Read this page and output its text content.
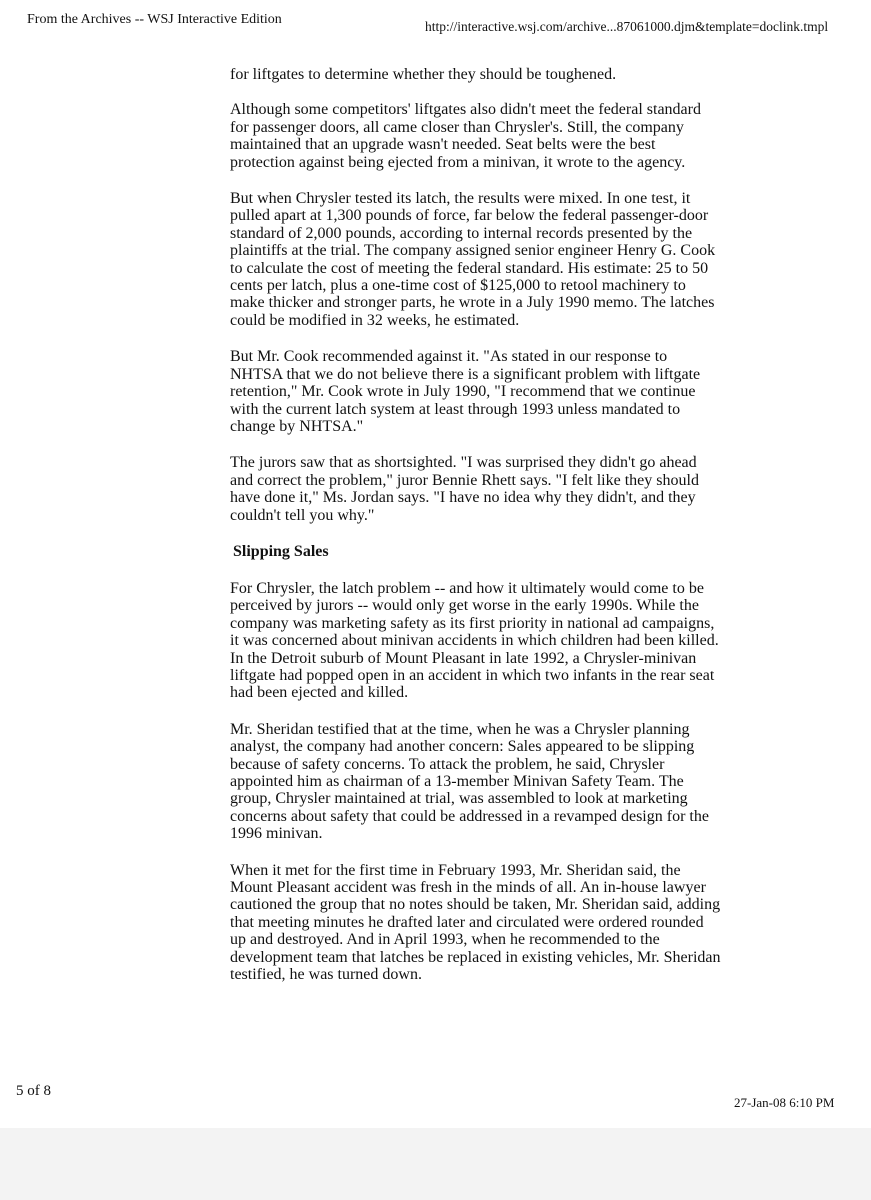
From the Archives -- WSJ Interactive Edition	http://interactive.wsj.com/archive...87061000.djm&template=doclink.tmpl

for liftgates to determine whether they should be toughened.

Although some competitors' liftgates also didn't meet the federal standard for passenger doors, all came closer than Chrysler's. Still, the company maintained that an upgrade wasn't needed. Seat belts were the best protection against being ejected from a minivan, it wrote to the agency.

But when Chrysler tested its latch, the results were mixed. In one test, it pulled apart at 1,300 pounds of force, far below the federal passenger-door standard of 2,000 pounds, according to internal records presented by the plaintiffs at the trial. The company assigned senior engineer Henry G. Cook to calculate the cost of meeting the federal standard. His estimate: 25 to 50 cents per latch, plus a one-time cost of $125,000 to retool machinery to make thicker and stronger parts, he wrote in a July 1990 memo. The latches could be modified in 32 weeks, he estimated.

But Mr. Cook recommended against it. "As stated in our response to NHTSA that we do not believe there is a significant problem with liftgate retention," Mr. Cook wrote in July 1990, "I recommend that we continue with the current latch system at least through 1993 unless mandated to change by NHTSA."

The jurors saw that as shortsighted. "I was surprised they didn't go ahead and correct the problem," juror Bennie Rhett says. "I felt like they should have done it," Ms. Jordan says. "I have no idea why they didn't, and they couldn't tell you why."

Slipping Sales

For Chrysler, the latch problem -- and how it ultimately would come to be perceived by jurors -- would only get worse in the early 1990s. While the company was marketing safety as its first priority in national ad campaigns, it was concerned about minivan accidents in which children had been killed. In the Detroit suburb of Mount Pleasant in late 1992, a Chrysler-minivan liftgate had popped open in an accident in which two infants in the rear seat had been ejected and killed.

Mr. Sheridan testified that at the time, when he was a Chrysler planning analyst, the company had another concern: Sales appeared to be slipping because of safety concerns. To attack the problem, he said, Chrysler appointed him as chairman of a 13-member Minivan Safety Team. The group, Chrysler maintained at trial, was assembled to look at marketing concerns about safety that could be addressed in a revamped design for the 1996 minivan.

When it met for the first time in February 1993, Mr. Sheridan said, the Mount Pleasant accident was fresh in the minds of all. An in-house lawyer cautioned the group that no notes should be taken, Mr. Sheridan said, adding that meeting minutes he drafted later and circulated were ordered rounded up and destroyed. And in April 1993, when he recommended to the development team that latches be replaced in existing vehicles, Mr. Sheridan testified, he was turned down.

5 of 8
27-Jan-08 6:10 PM
